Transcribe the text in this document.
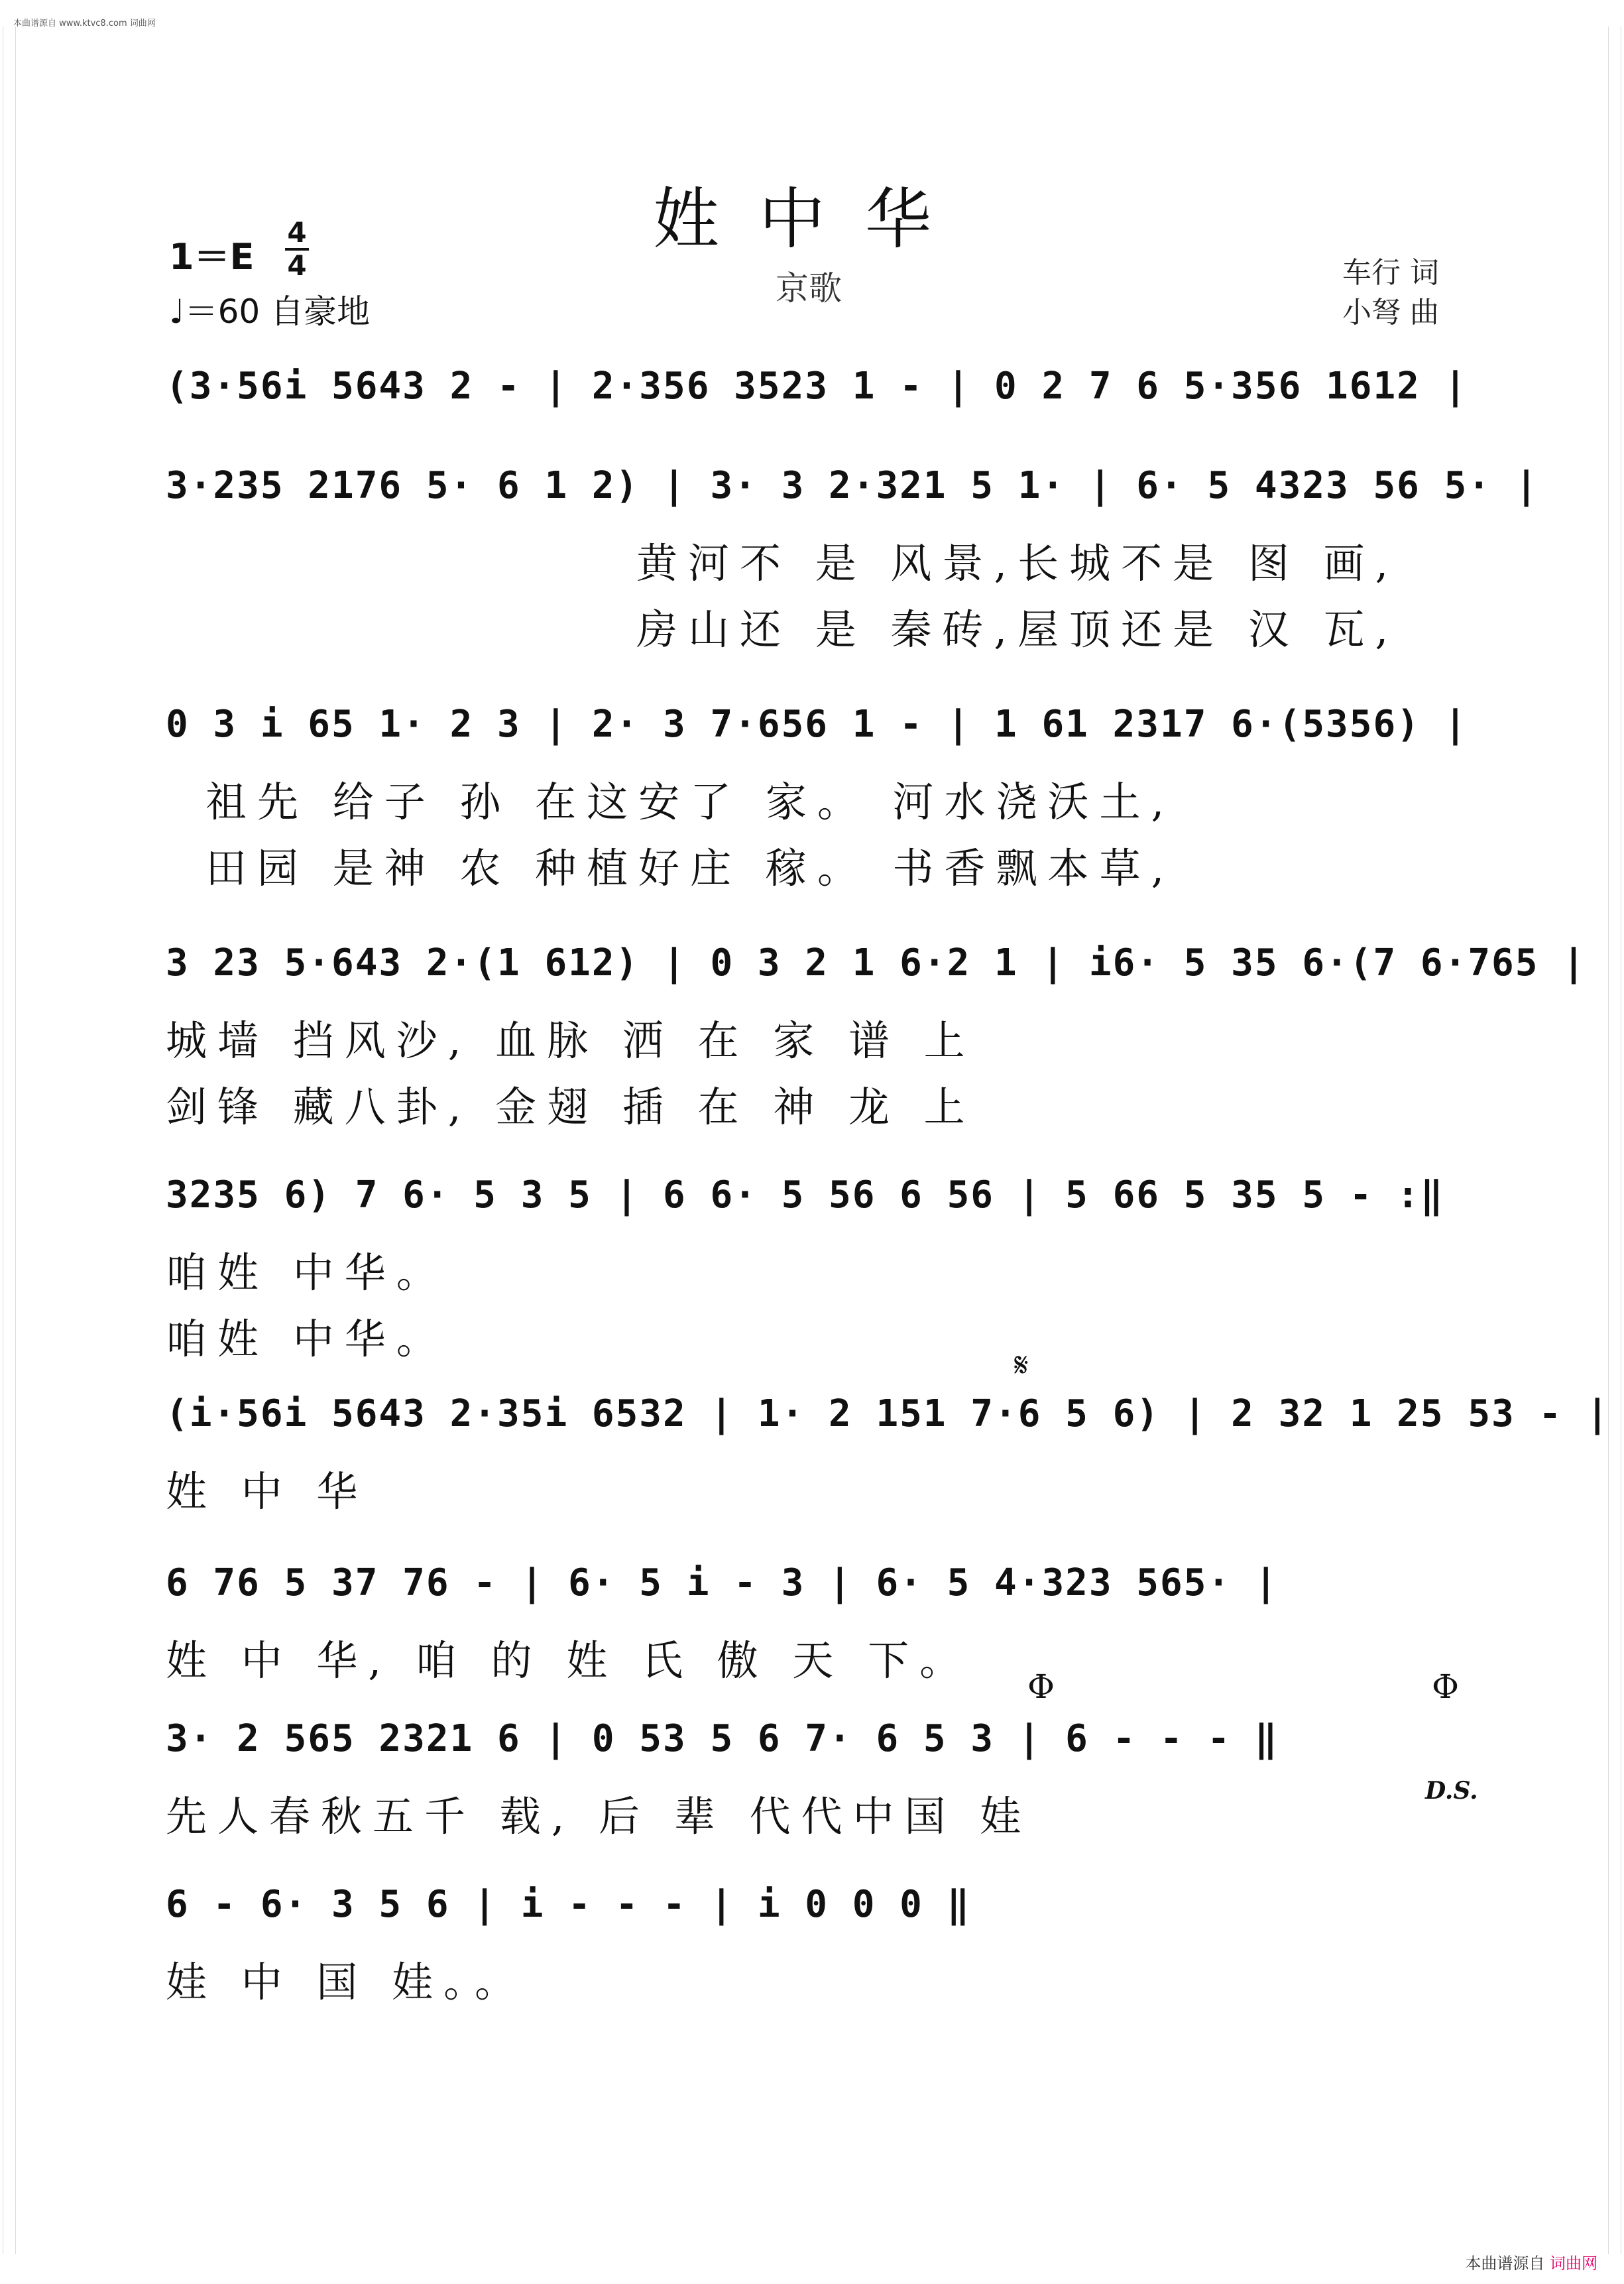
本曲谱源自 www.ktvc8.com 词曲网
姓中华
京歌
1＝E
4
4
♩＝60 自豪地
车行 词
小弩 曲
(3·56i 5643 2 - | 2·356 3523 1 - | 0 2 7 6 5·356 1612 |
3·235 2176 5· 6 1 2) | 3· 3 2·321 5 1· | 6· 5 4323 56 5· |
黄河不 是 风景,长城不是 图 画,
房山还 是 秦砖,屋顶还是 汉 瓦,
0 3 i 65 1· 2 3 | 2· 3 7·656 1 - | 1 61 2317 6·(5356) |
祖先 给子 孙 在这安了 家。 河水浇沃土,
田园 是神 农 种植好庄 稼。 书香飘本草,
3 23 5·643 2·(1 612) | 0 3 2 1 6·2 1 | i6· 5 35 6·(7 6·765 |
城墙 挡风沙, 血脉 洒 在 家 谱 上
剑锋 藏八卦, 金翅 插 在 神 龙 上
3235 6) 7 6· 5 3 5 | 6 6· 5 56 6 56 | 5 66 5 35 5 - :‖
咱姓 中华。
咱姓 中华。
𝄋
(i·56i 5643 2·35i 6532 | 1· 2 151 7·6 5 6) | 2 32 1 25 53 - |
姓 中 华
6 76 5 37 76 - | 6· 5 i - 3 | 6· 5 4·323 565· |
姓 中 华, 咱 的 姓 氏 傲 天 下。
Φ	Φ
3· 2 565 2321 6 | 0 53 5 6 7· 6 5 3 | 6 - - - ‖
D.S.
先人春秋五千 载, 后 辈 代代中国 娃
6 - 6· 3 5 6 | i - - - | i 0 0 0 ‖
娃 中 国 娃。。
本曲谱源自 词曲网
